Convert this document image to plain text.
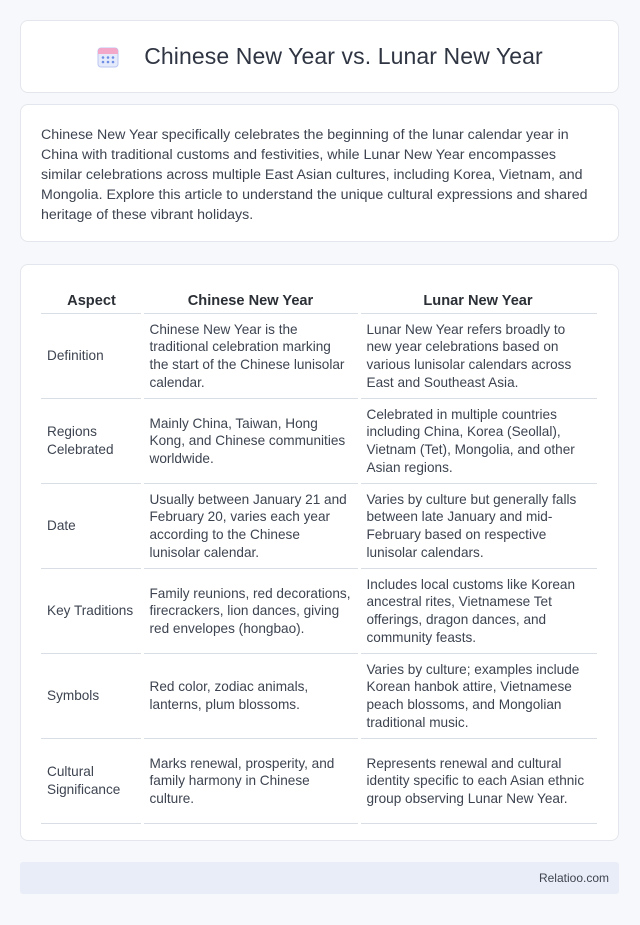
Chinese New Year vs. Lunar New Year

Chinese New Year specifically celebrates the beginning of the lunar calendar year in China with traditional customs and festivities, while Lunar New Year encompasses similar celebrations across multiple East Asian cultures, including Korea, Vietnam, and Mongolia. Explore this article to understand the unique cultural expressions and shared heritage of these vibrant holidays.

Aspect	Chinese New Year	Lunar New Year
Definition	Chinese New Year is the traditional celebration marking the start of the Chinese lunisolar calendar.	Lunar New Year refers broadly to new year celebrations based on various lunisolar calendars across East and Southeast Asia.
Regions Celebrated	Mainly China, Taiwan, Hong Kong, and Chinese communities worldwide.	Celebrated in multiple countries including China, Korea (Seollal), Vietnam (Tet), Mongolia, and other Asian regions.
Date	Usually between January 21 and February 20, varies each year according to the Chinese lunisolar calendar.	Varies by culture but generally falls between late January and mid-February based on respective lunisolar calendars.
Key Traditions	Family reunions, red decorations, firecrackers, lion dances, giving red envelopes (hongbao).	Includes local customs like Korean ancestral rites, Vietnamese Tet offerings, dragon dances, and community feasts.
Symbols	Red color, zodiac animals, lanterns, plum blossoms.	Varies by culture; examples include Korean hanbok attire, Vietnamese peach blossoms, and Mongolian traditional music.
Cultural Significance	Marks renewal, prosperity, and family harmony in Chinese culture.	Represents renewal and cultural identity specific to each Asian ethnic group observing Lunar New Year.
Relatioo.com
